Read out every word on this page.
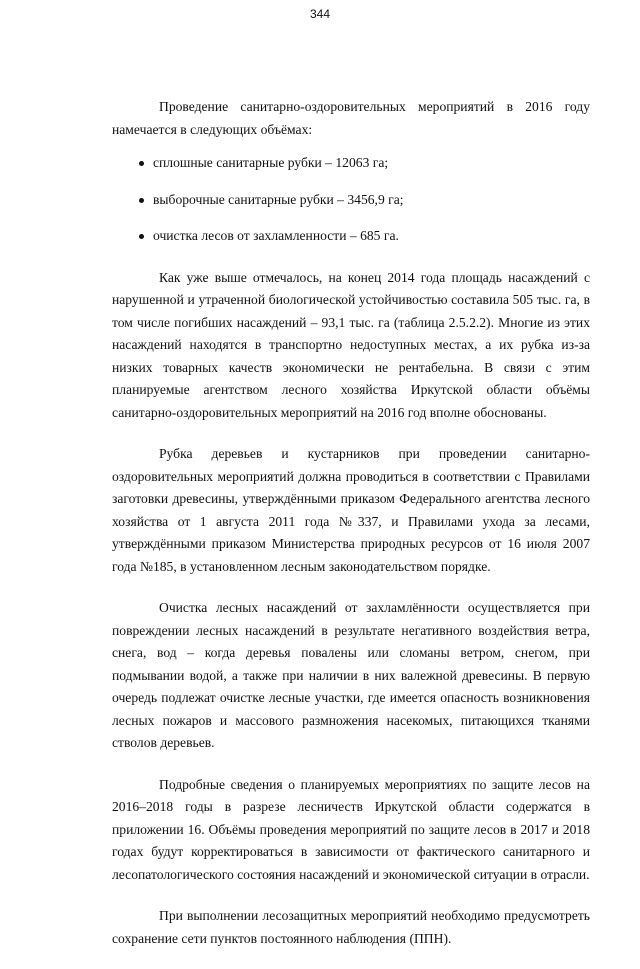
344

Проведение санитарно-оздоровительных мероприятий в 2016 году намечается в следующих объёмах:

сплошные санитарные рубки – 12063 га;
выборочные санитарные рубки – 3456,9 га;
очистка лесов от захламленности – 685 га.

Как уже выше отмечалось, на конец 2014 года площадь насаждений с нарушенной и утраченной биологической устойчивостью составила 505 тыс. га, в том числе погибших насаждений – 93,1 тыс. га (таблица 2.5.2.2). Многие из этих насаждений находятся в транспортно недоступных местах, а их рубка из-за низких товарных качеств экономически не рентабельна. В связи с этим планируемые агентством лесного хозяйства Иркутской области объёмы санитарно-оздоровительных мероприятий на 2016 год вполне обоснованы.

Рубка деревьев и кустарников при проведении санитарно-оздоровительных мероприятий должна проводиться в соответствии с Правилами заготовки древесины, утверждёнными приказом Федерального агентства лесного хозяйства от 1 августа 2011 года №337, и Правилами ухода за лесами, утверждёнными приказом Министерства природных ресурсов от 16 июля 2007 года №185, в установленном лесным законодательством порядке.

Очистка лесных насаждений от захламлённости осуществляется при повреждении лесных насаждений в результате негативного воздействия ветра, снега, вод – когда деревья повалены или сломаны ветром, снегом, при подмывании водой, а также при наличии в них валежной древесины. В первую очередь подлежат очистке лесные участки, где имеется опасность возникновения лесных пожаров и массового размножения насекомых, питающихся тканями стволов деревьев.

Подробные сведения о планируемых мероприятиях по защите лесов на 2016–2018 годы в разрезе лесничеств Иркутской области содержатся в приложении 16. Объёмы проведения мероприятий по защите лесов в 2017 и 2018 годах будут корректироваться в зависимости от фактического санитарного и лесопатологического состояния насаждений и экономической ситуации в отрасли.

При выполнении лесозащитных мероприятий необходимо предусмотреть сохранение сети пунктов постоянного наблюдения (ППН).
